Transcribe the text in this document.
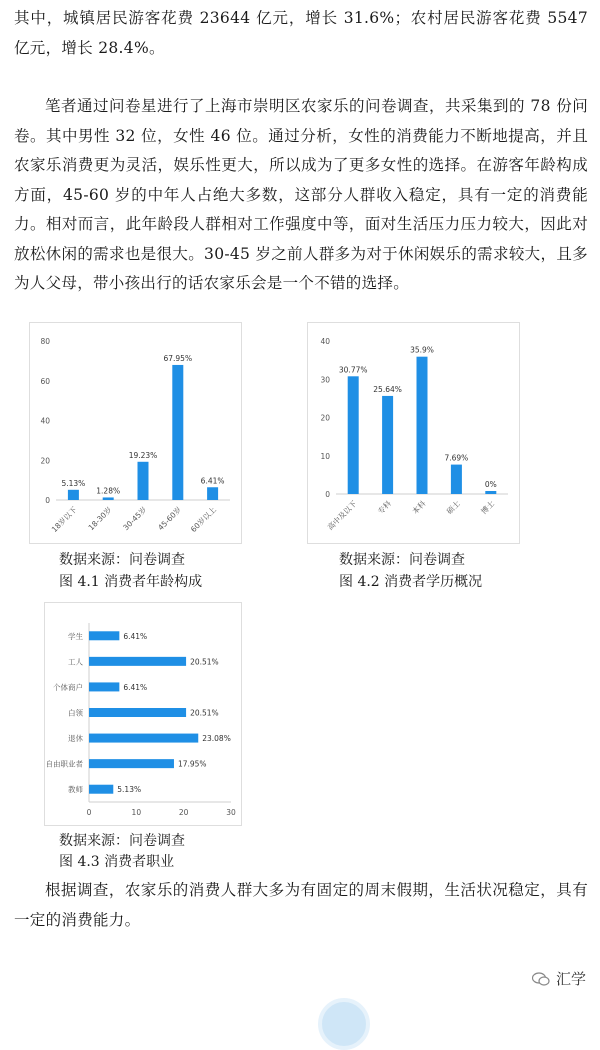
其中，城镇居民游客花费 23644 亿元，增长 31.6%；农村居民游客花费 5547 亿元，增长 28.4%。

笔者通过问卷星进行了上海市崇明区农家乐的问卷调查，共采集到的 78 份问卷。其中男性 32 位，女性 46 位。通过分析，女性的消费能力不断地提高，并且农家乐消费更为灵活，娱乐性更大，所以成为了更多女性的选择。在游客年龄构成方面，45-60 岁的中年人占绝大多数，这部分人群收入稳定，具有一定的消费能力。相对而言，此年龄段人群相对工作强度中等，面对生活压力压力较大，因此对放松休闲的需求也是很大。30-45 岁之前人群多为对于休闲娱乐的需求较大，且多为人父母，带小孩出行的话农家乐会是一个不错的选择。

0
20
40
60
80
5.13%
18岁以下
1.28%
18-30岁
19.23%
30-45岁
67.95%
45-60岁
6.41%
60岁以上
数据来源：问卷调查
图 4.1 消费者年龄构成
0
10
20
30
40
30.77%
高中及以下
25.64%
专科
35.9%
本科
7.69%
硕士
0%
博士
数据来源：问卷调查
图 4.2 消费者学历概况
0	10	20	30
6.41%
学生
20.51%
工人
6.41%
个体商户
20.51%
白领
23.08%
退休
17.95%
自由职业者
5.13%
教师
数据来源：问卷调查
图 4.3 消费者职业

根据调查，农家乐的消费人群大多为有固定的周末假期，生活状况稳定，具有一定的消费能力。

汇学
